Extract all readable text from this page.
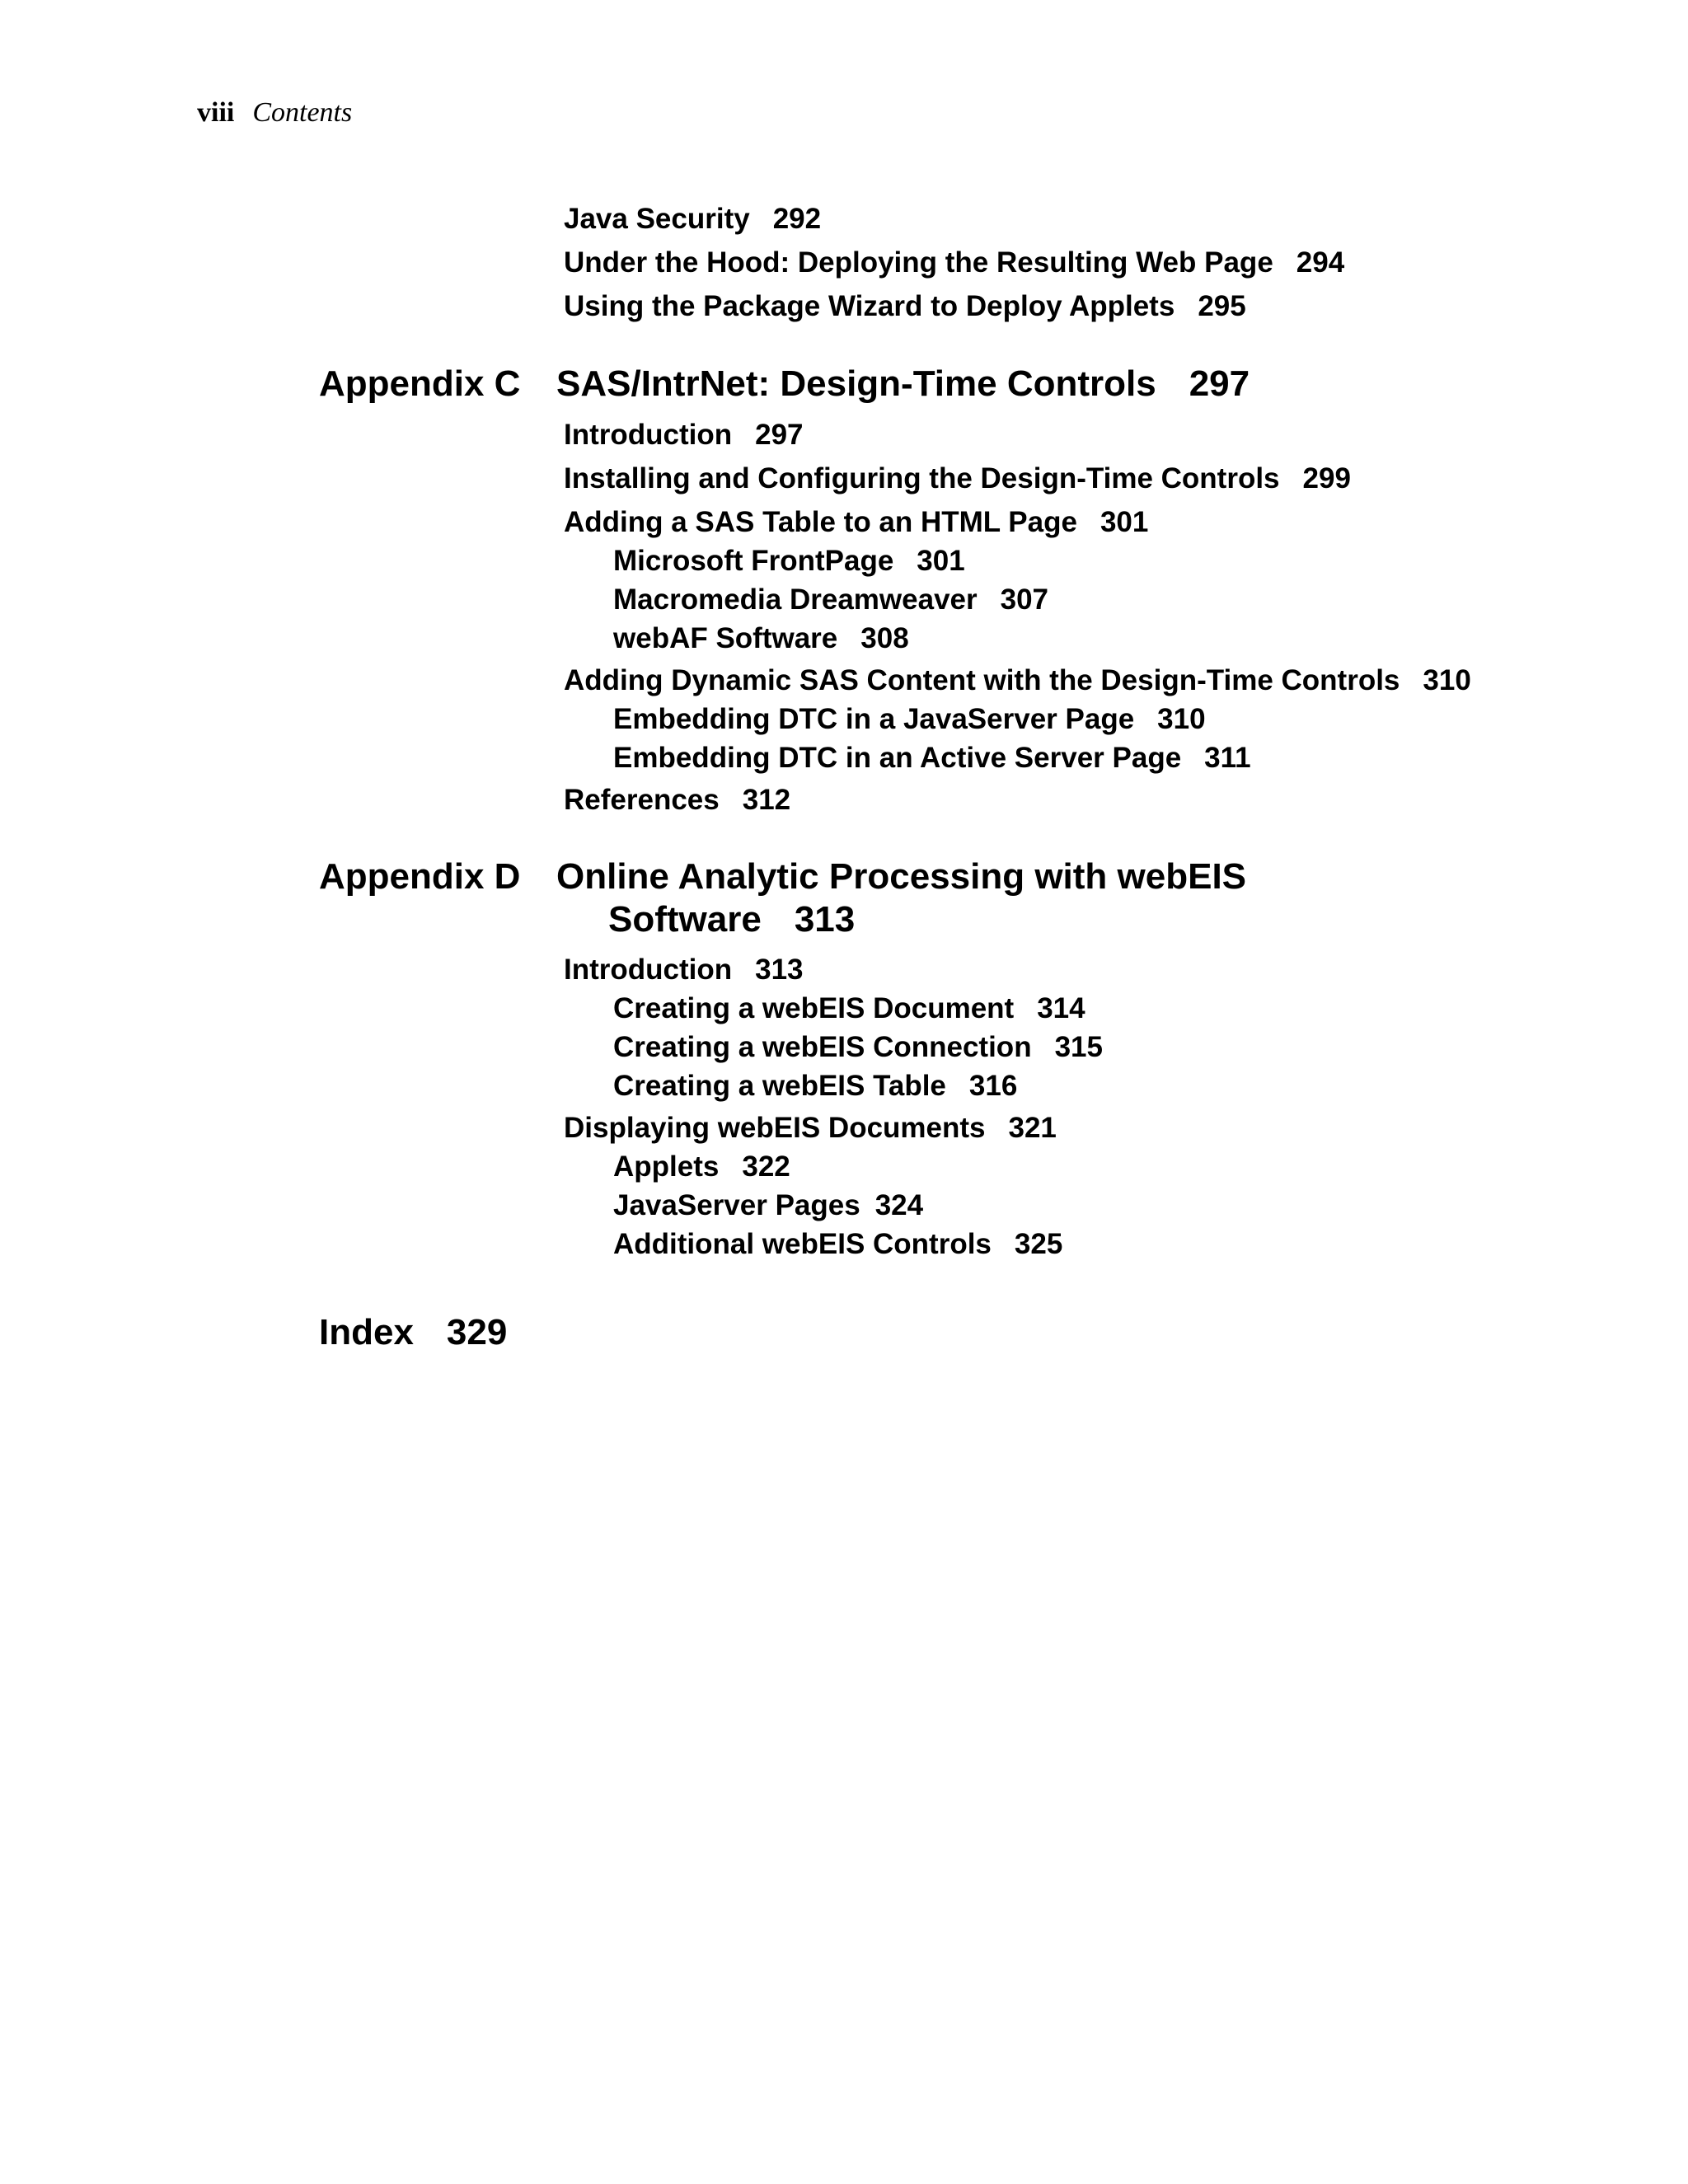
viii Contents
Java Security 292
Under the Hood: Deploying the Resulting Web Page 294
Using the Package Wizard to Deploy Applets 295
Appendix C SAS/IntrNet: Design-Time Controls 297
Introduction 297
Installing and Configuring the Design-Time Controls 299
Adding a SAS Table to an HTML Page 301
Microsoft FrontPage 301
Macromedia Dreamweaver 307
webAF Software 308
Adding Dynamic SAS Content with the Design-Time Controls 310
Embedding DTC in a JavaServer Page 310
Embedding DTC in an Active Server Page 311
References 312
Appendix D Online Analytic Processing with webEIS
Software 313
Introduction 313
Creating a webEIS Document 314
Creating a webEIS Connection 315
Creating a webEIS Table 316
Displaying webEIS Documents 321
Applets 322
JavaServer Pages 324
Additional webEIS Controls 325
Index 329
